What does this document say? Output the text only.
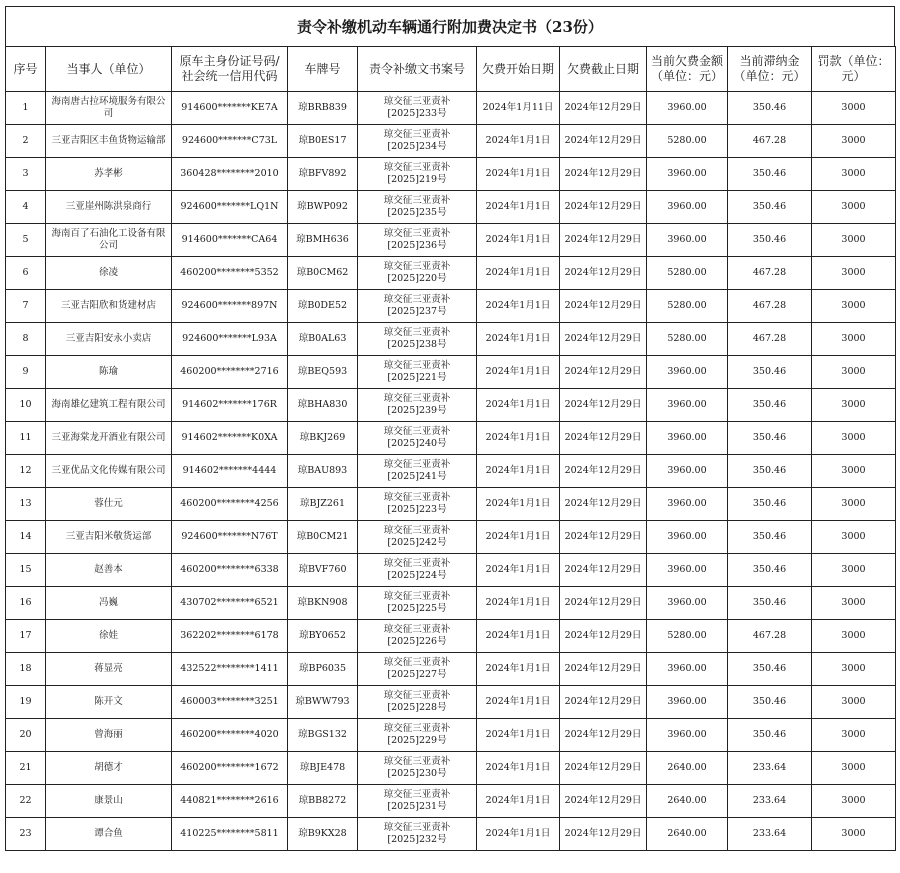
责令补缴机动车辆通行附加费决定书（23份）
序号	当事人（单位）	原车主身份证号码/社会统一信用代码	车牌号	责令补缴文书案号	欠费开始日期	欠费截止日期	当前欠费金额（单位：元）	当前滞纳金（单位：元）	罚款（单位：元）
1	海南唐古拉环境服务有限公司	914600*******KE7A	琼BRB839	琼交征三亚责补[2025]233号	2024年1月11日	2024年12月29日	3960.00	350.46	3000
2	三亚吉阳区丰鱼货物运输部	924600*******C73L	琼B0ES17	琼交征三亚责补[2025]234号	2024年1月1日	2024年12月29日	5280.00	467.28	3000
3	苏孝彬	360428********2010	琼BFV892	琼交征三亚责补[2025]219号	2024年1月1日	2024年12月29日	3960.00	350.46	3000
4	三亚崖州陈洪泉商行	924600*******LQ1N	琼BWP092	琼交征三亚责补[2025]235号	2024年1月1日	2024年12月29日	3960.00	350.46	3000
5	海南百了石油化工设备有限公司	914600*******CA64	琼BMH636	琼交征三亚责补[2025]236号	2024年1月1日	2024年12月29日	3960.00	350.46	3000
6	徐凌	460200********5352	琼B0CM62	琼交征三亚责补[2025]220号	2024年1月1日	2024年12月29日	5280.00	467.28	3000
7	三亚吉阳欣和货建材店	924600*******897N	琼B0DE52	琼交征三亚责补[2025]237号	2024年1月1日	2024年12月29日	5280.00	467.28	3000
8	三亚吉阳安永小卖店	924600*******L93A	琼B0AL63	琼交征三亚责补[2025]238号	2024年1月1日	2024年12月29日	5280.00	467.28	3000
9	陈瑜	460200********2716	琼BEQ593	琼交征三亚责补[2025]221号	2024年1月1日	2024年12月29日	3960.00	350.46	3000
10	海南雄亿建筑工程有限公司	914602*******176R	琼BHA830	琼交征三亚责补[2025]239号	2024年1月1日	2024年12月29日	3960.00	350.46	3000
11	三亚海棠龙开酒业有限公司	914602*******K0XA	琼BKJ269	琼交征三亚责补[2025]240号	2024年1月1日	2024年12月29日	3960.00	350.46	3000
12	三亚优品文化传媒有限公司	914602*******4444	琼BAU893	琼交征三亚责补[2025]241号	2024年1月1日	2024年12月29日	3960.00	350.46	3000
13	蓉仕元	460200********4256	琼BJZ261	琼交征三亚责补[2025]223号	2024年1月1日	2024年12月29日	3960.00	350.46	3000
14	三亚吉阳米敬货运部	924600*******N76T	琼B0CM21	琼交征三亚责补[2025]242号	2024年1月1日	2024年12月29日	3960.00	350.46	3000
15	赵善本	460200********6338	琼BVF760	琼交征三亚责补[2025]224号	2024年1月1日	2024年12月29日	3960.00	350.46	3000
16	冯巍	430702********6521	琼BKN908	琼交征三亚责补[2025]225号	2024年1月1日	2024年12月29日	3960.00	350.46	3000
17	徐娃	362202********6178	琼BY0652	琼交征三亚责补[2025]226号	2024年1月1日	2024年12月29日	5280.00	467.28	3000
18	蒋显亮	432522********1411	琼BP6035	琼交征三亚责补[2025]227号	2024年1月1日	2024年12月29日	3960.00	350.46	3000
19	陈开文	460003********3251	琼BWW793	琼交征三亚责补[2025]228号	2024年1月1日	2024年12月29日	3960.00	350.46	3000
20	曾海丽	460200********4020	琼BGS132	琼交征三亚责补[2025]229号	2024年1月1日	2024年12月29日	3960.00	350.46	3000
21	胡德才	460200********1672	琼BJE478	琼交征三亚责补[2025]230号	2024年1月1日	2024年12月29日	2640.00	233.64	3000
22	康景山	440821********2616	琼BB8272	琼交征三亚责补[2025]231号	2024年1月1日	2024年12月29日	2640.00	233.64	3000
23	谭合鱼	410225********5811	琼B9KX28	琼交征三亚责补[2025]232号	2024年1月1日	2024年12月29日	2640.00	233.64	3000
